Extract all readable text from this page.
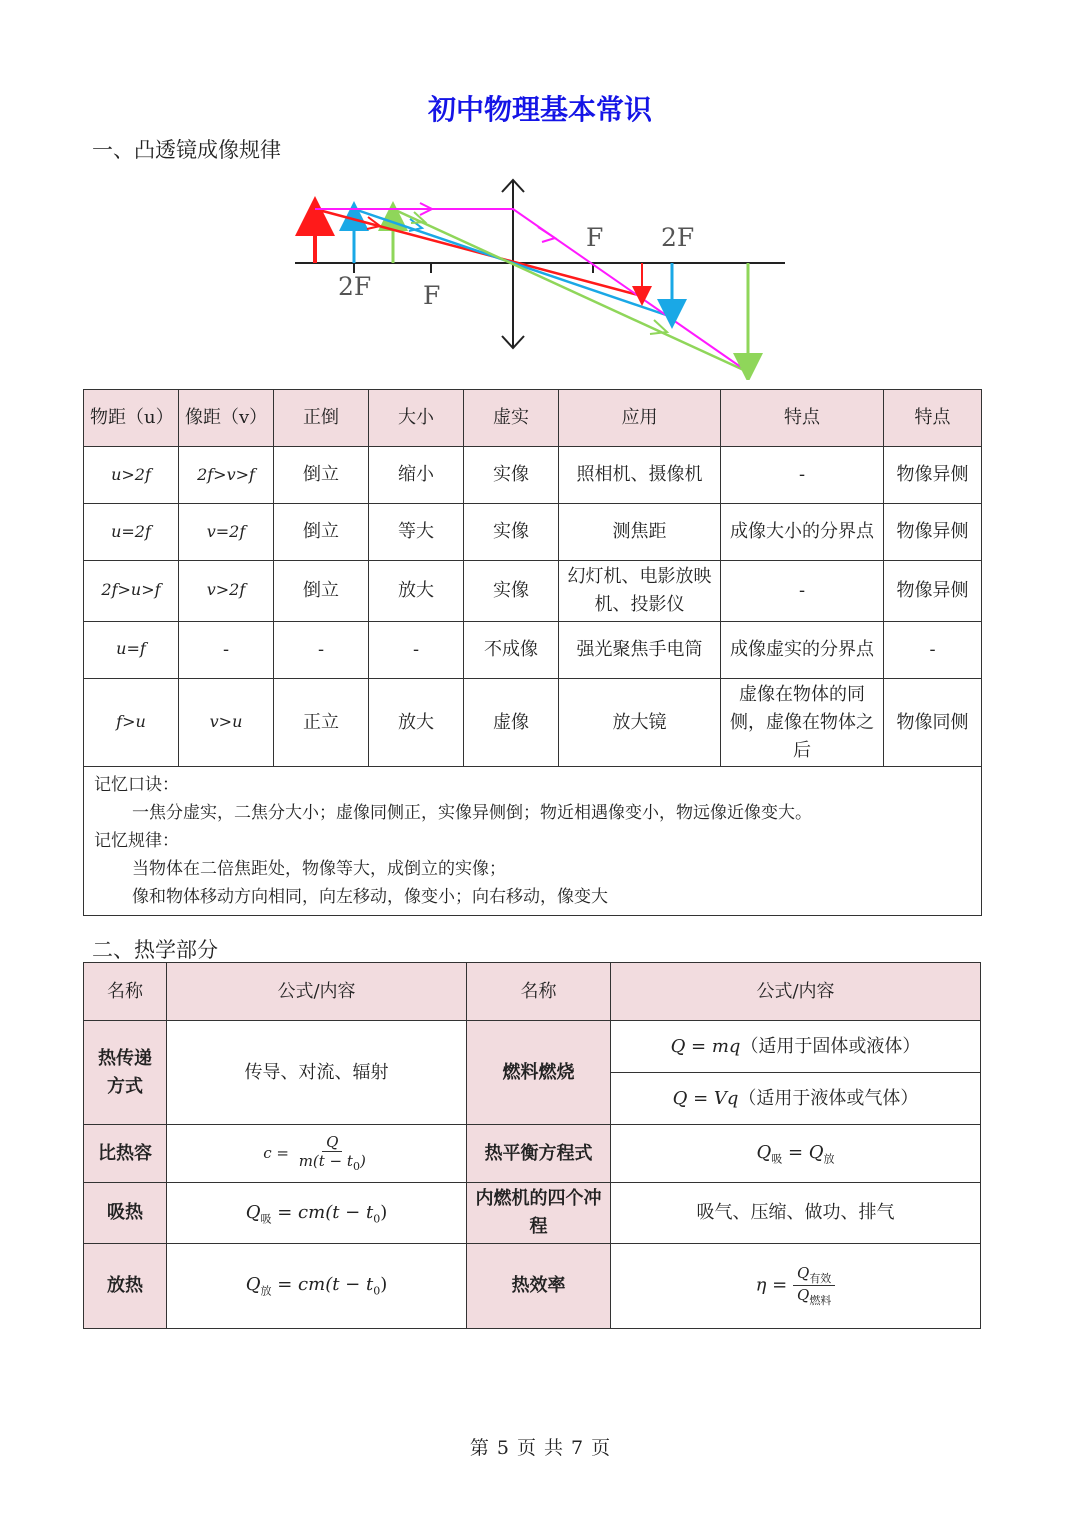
初中物理基本常识
一、凸透镜成像规律
F 2F
2F F
物距（u）	像距（v）	正倒	大小	虚实	应用	特点	特点
u>2f	2f>v>f	倒立	缩小	实像	照相机、摄像机	-	物像异侧
u=2f	v=2f	倒立	等大	实像	测焦距	成像大小的分界点	物像异侧
2f>u>f	v>2f	倒立	放大	实像	幻灯机、电影放映机、投影仪	-	物像异侧
u=f	-	-	-	不成像	强光聚焦手电筒	成像虚实的分界点	-
f>u	v>u	正立	放大	虚像	放大镜	虚像在物体的同侧，虚像在物体之后	物像同侧

记忆口诀：
一焦分虚实，二焦分大小；虚像同侧正，实像异侧倒；物近相遇像变小，物远像近像变大。
记忆规律：
当物体在二倍焦距处，物像等大，成倒立的实像；
像和物体移动方向相同，向左移动，像变小；向右移动，像变大							
二、热学部分
名称	公式/内容	名称	公式/内容
热传递方式	传导、对流、辐射	燃料燃烧	Q = mq（适用于固体或液体）
			Q = Vq（适用于液体或气体）
比热容	$c = \frac{Q}{m(t - t_0)}$	热平衡方程式	$Q_吸 = Q_放$
吸热	$Q_吸 = cm(t - t_0)$	内燃机的四个冲程	吸气、压缩、做功、排气
放热	$Q_放 = cm(t - t_0)$	热效率	$\eta = \frac{Q_{有效}}{Q_{燃料}}$
第 5 页 共 7 页
